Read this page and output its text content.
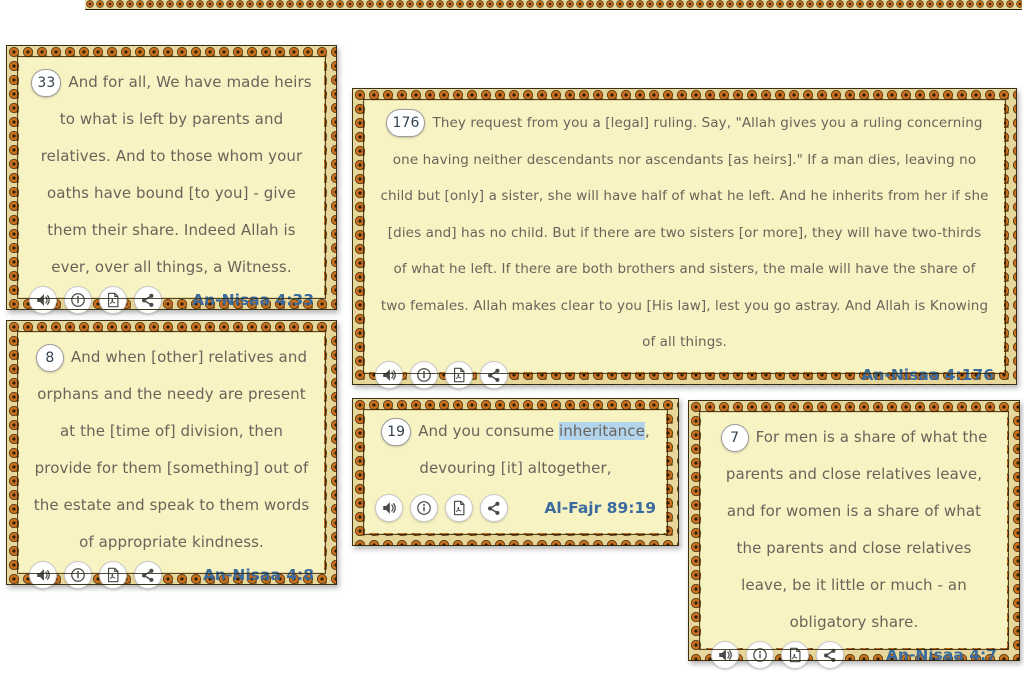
33 And for all, We have made heirs to what is left by parents and relatives. And to those whom your oaths have bound [to you] - give them their share. Indeed Allah is ever, over all things, a Witness.
An-Nisaa 4:33
176 They request from you a [legal] ruling. Say, "Allah gives you a ruling concerning one having neither descendants nor ascendants [as heirs]." If a man dies, leaving no child but [only] a sister, she will have half of what he left. And he inherits from her if she [dies and] has no child. But if there are two sisters [or more], they will have two-thirds of what he left. If there are both brothers and sisters, the male will have the share of two females. Allah makes clear to you [His law], lest you go astray. And Allah is Knowing of all things.
An-Nisaa 4:176
8 And when [other] relatives and orphans and the needy are present at the [time of] division, then provide for them [something] out of the estate and speak to them words of appropriate kindness.
An-Nisaa 4:8
19 And you consume inheritance, devouring [it] altogether,
Al-Fajr 89:19
7 For men is a share of what the parents and close relatives leave, and for women is a share of what the parents and close relatives leave, be it little or much - an obligatory share.
An-Nisaa 4:7
